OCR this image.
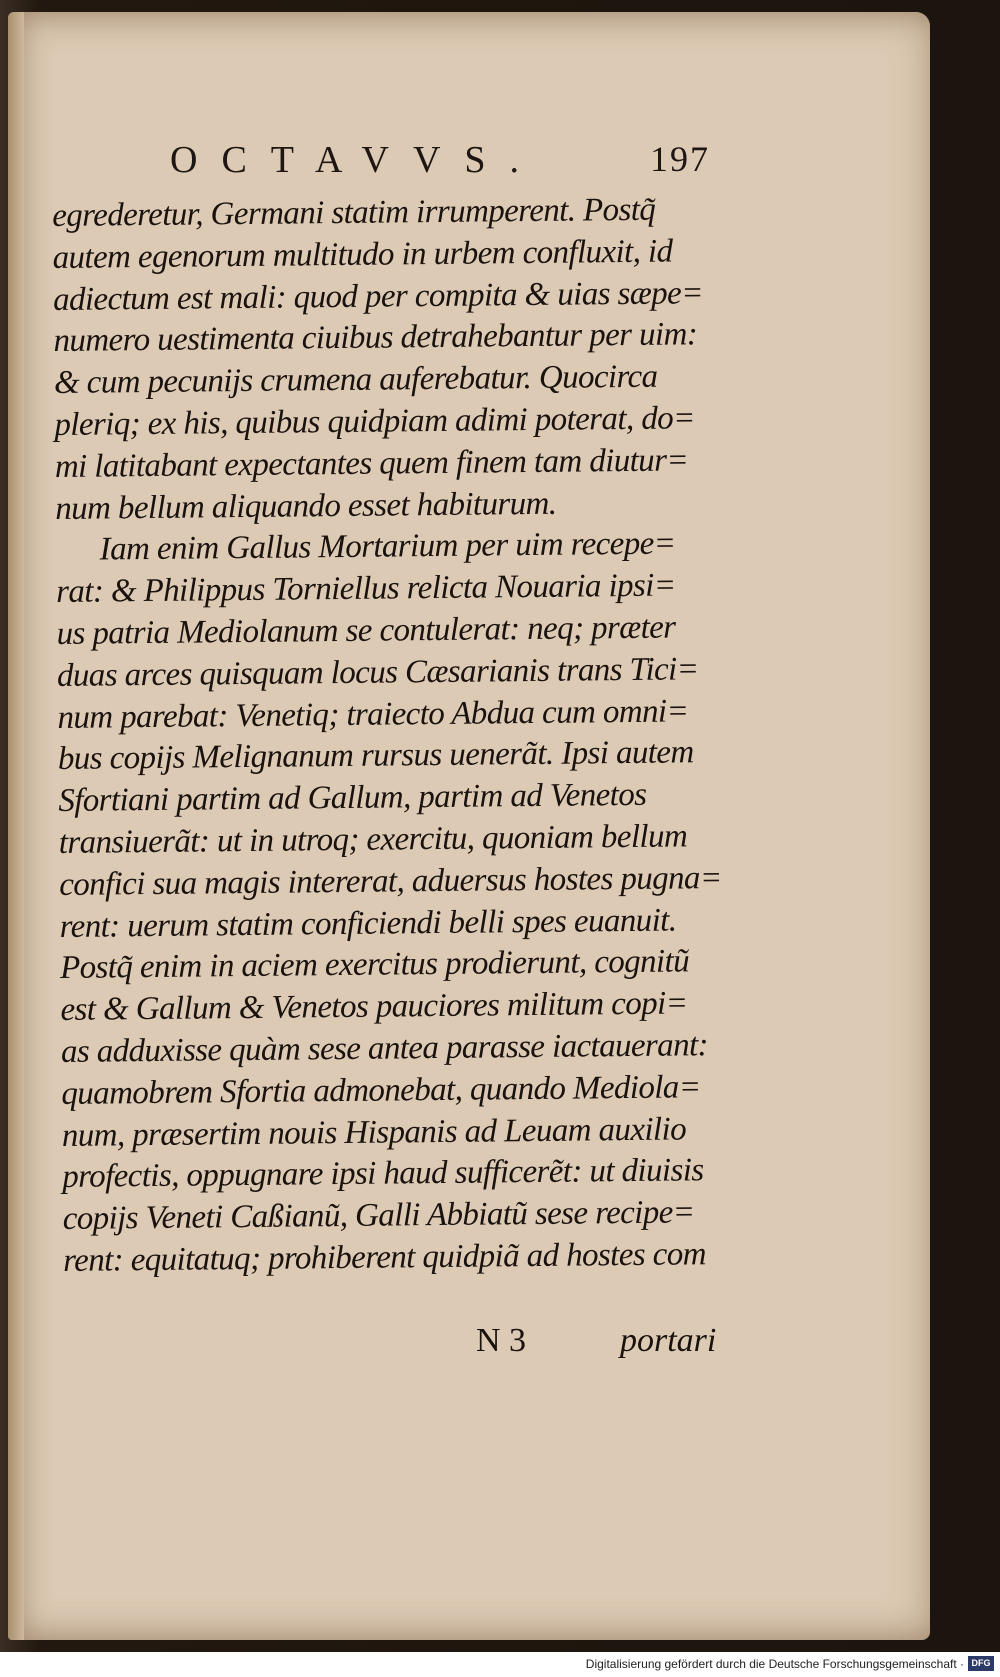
OCTAVVS.	197
egrederetur, Germani statim irrumperent. Postq̃
autem egenorum multitudo in urbem confluxit, id
adiectum est mali: quod per compita & uias sæpe=
numero uestimenta ciuibus detrahebantur per uim:
& cum pecunijs crumena auferebatur. Quocirca
pleriq; ex his, quibus quidpiam adimi poterat, do=
mi latitabant expectantes quem finem tam diutur=
num bellum aliquando esset habiturum.
Iam enim Gallus Mortarium per uim recepe=
rat: & Philippus Torniellus relicta Nouaria ipsi=
us patria Mediolanum se contulerat: neq; præter
duas arces quisquam locus Cæsarianis trans Tici=
num parebat: Venetiq; traiecto Abdua cum omni=
bus copijs Melignanum rursus uenerãt. Ipsi autem
Sfortiani partim ad Gallum, partim ad Venetos
transiuerãt: ut in utroq; exercitu, quoniam bellum
confici sua magis intererat, aduersus hostes pugna=
rent: uerum statim conficiendi belli spes euanuit.
Postq̃ enim in aciem exercitus prodierunt, cognitũ
est & Gallum & Venetos pauciores militum copi=
as adduxisse quàm sese antea parasse iactauerant:
quamobrem Sfortia admonebat, quando Mediola=
num, præsertim nouis Hispanis ad Leuam auxilio
profectis, oppugnare ipsi haud sufficerẽt: ut diuisis
copijs Veneti Caßianũ, Galli Abbiatũ sese recipe=
rent: equitatuq; prohiberent quidpiã ad hostes com
N 3	portari
Digitalisierung gefördert durch die Deutsche Forschungsgemeinschaft · DFG
